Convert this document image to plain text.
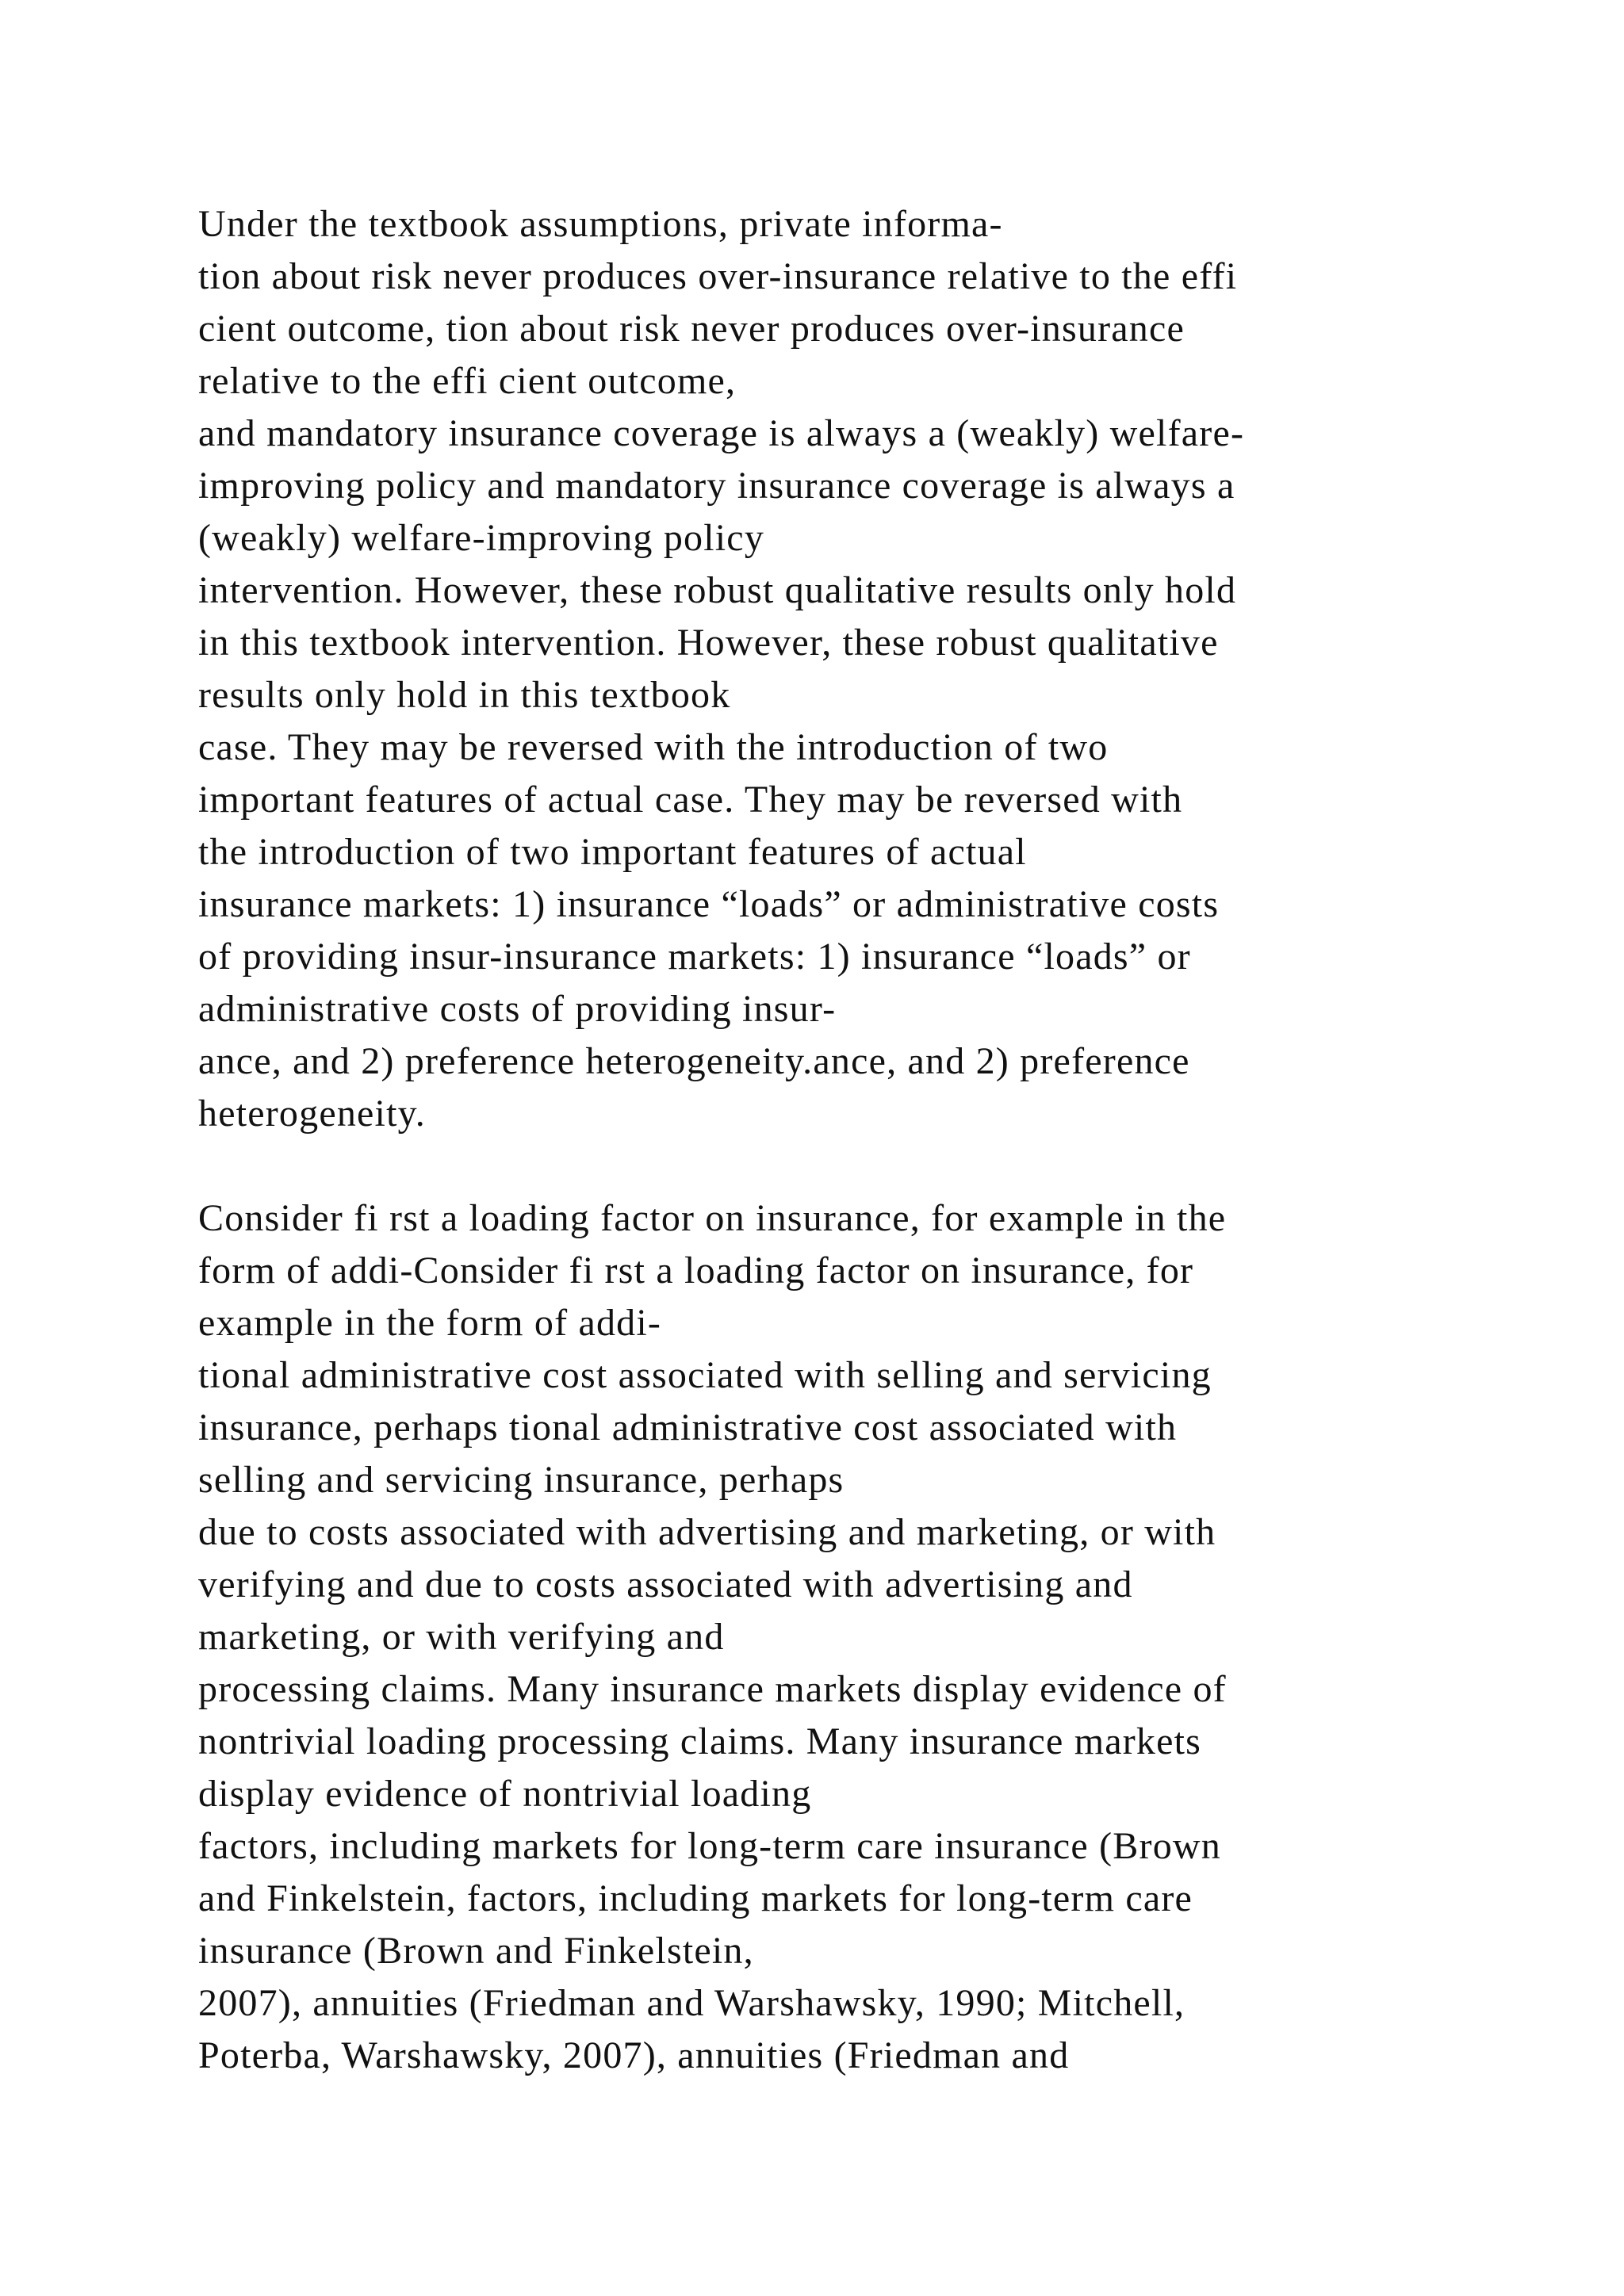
Under the textbook assumptions, private informa-
tion about risk never produces over-insurance relative to the effi
cient outcome, tion about risk never produces over-insurance
relative to the effi cient outcome,
and mandatory insurance coverage is always a (weakly) welfare-
improving policy and mandatory insurance coverage is always a
(weakly) welfare-improving policy
intervention. However, these robust qualitative results only hold
in this textbook intervention. However, these robust qualitative
results only hold in this textbook
case. They may be reversed with the introduction of two
important features of actual case. They may be reversed with
the introduction of two important features of actual
insurance markets: 1) insurance “loads” or administrative costs
of providing insur-insurance markets: 1) insurance “loads” or
administrative costs of providing insur-
ance, and 2) preference heterogeneity.ance, and 2) preference
heterogeneity.
Consider fi rst a loading factor on insurance, for example in the
form of addi-Consider fi rst a loading factor on insurance, for
example in the form of addi-
tional administrative cost associated with selling and servicing
insurance, perhaps tional administrative cost associated with
selling and servicing insurance, perhaps
due to costs associated with advertising and marketing, or with
verifying and due to costs associated with advertising and
marketing, or with verifying and
processing claims. Many insurance markets display evidence of
nontrivial loading processing claims. Many insurance markets
display evidence of nontrivial loading
factors, including markets for long-term care insurance (Brown
and Finkelstein, factors, including markets for long-term care
insurance (Brown and Finkelstein,
2007), annuities (Friedman and Warshawsky, 1990; Mitchell,
Poterba, Warshawsky, 2007), annuities (Friedman and
